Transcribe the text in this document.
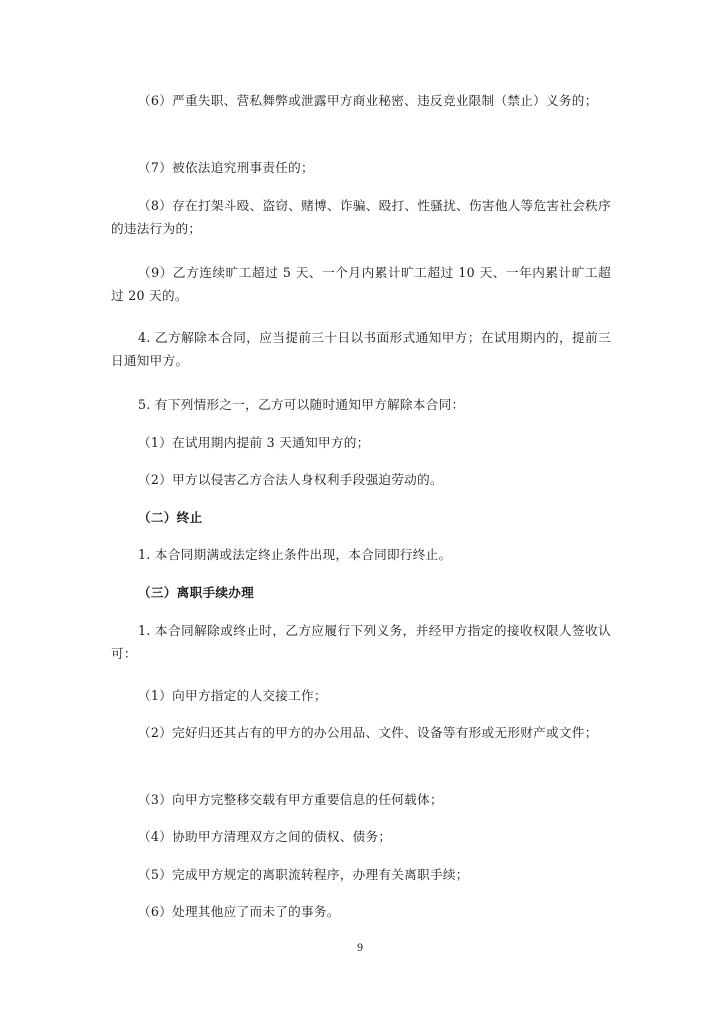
（6）严重失职、营私舞弊或泄露甲方商业秘密、违反竞业限制（禁止）义务的；

（7）被依法追究刑事责任的；

（8）存在打架斗殴、盗窃、赌博、诈骗、殴打、性骚扰、伤害他人等危害社会秩序的违法行为的；

（9）乙方连续旷工超过 5 天、一个月内累计旷工超过 10 天、一年内累计旷工超过 20 天的。

4. 乙方解除本合同，应当提前三十日以书面形式通知甲方；在试用期内的，提前三日通知甲方。

5. 有下列情形之一，乙方可以随时通知甲方解除本合同：

（1）在试用期内提前 3 天通知甲方的；

（2）甲方以侵害乙方合法人身权利手段强迫劳动的。

（二）终止

1. 本合同期满或法定终止条件出现，本合同即行终止。

（三）离职手续办理

1. 本合同解除或终止时，乙方应履行下列义务，并经甲方指定的接收权限人签收认可：

（1）向甲方指定的人交接工作；

（2）完好归还其占有的甲方的办公用品、文件、设备等有形或无形财产或文件；

（3）向甲方完整移交载有甲方重要信息的任何载体；

（4）协助甲方清理双方之间的债权、债务；

（5）完成甲方规定的离职流转程序，办理有关离职手续；

（6）处理其他应了而未了的事务。

9
